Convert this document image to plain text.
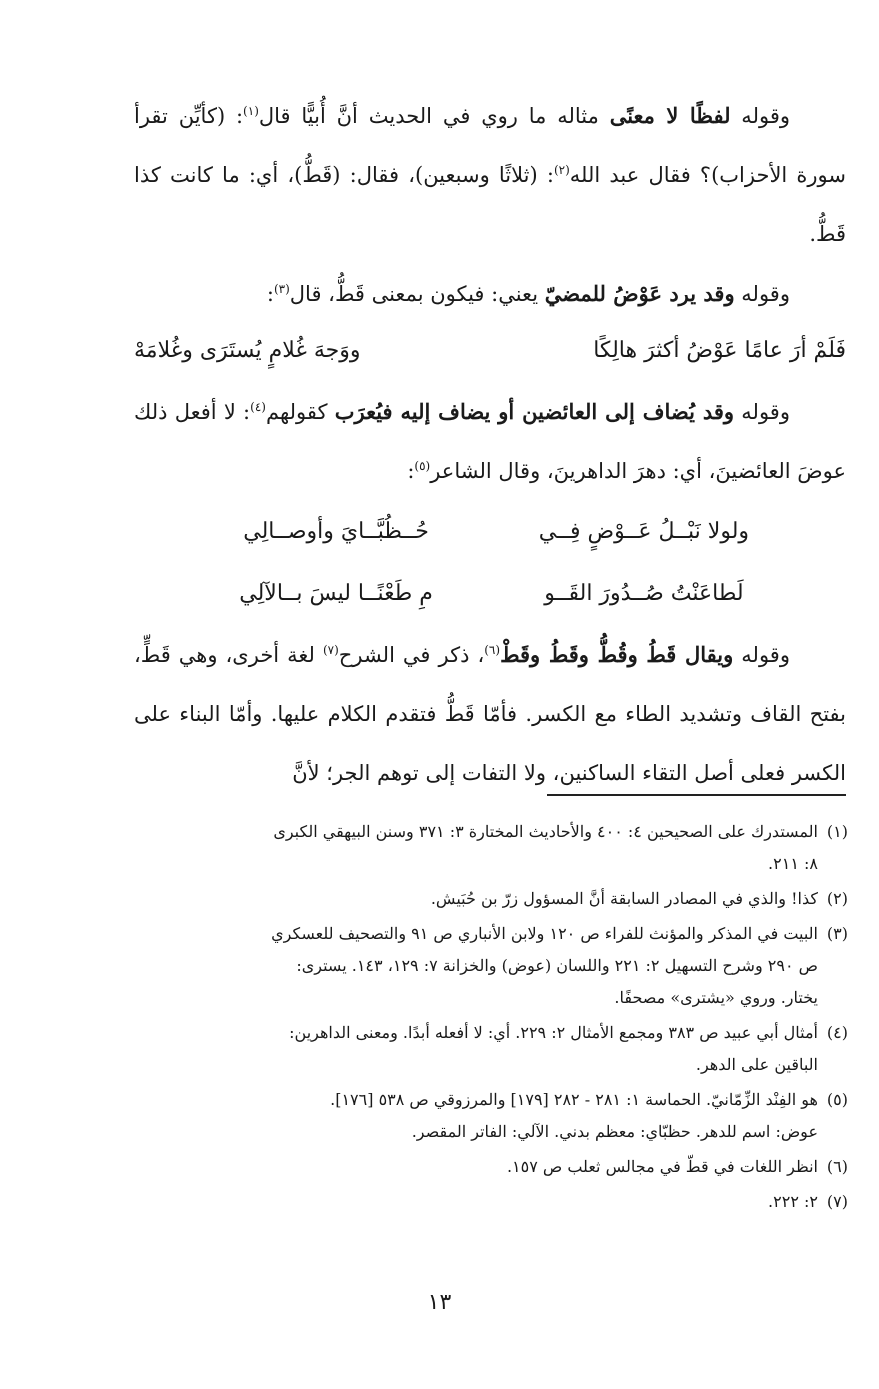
وقوله لفظًا لا معنًى مثاله ما روي في الحديث أنَّ أُبيًّا قال$^{(١)}$: (كأيِّن تقرأ سورة الأحزاب)؟ فقال عبد الله$^{(٢)}$: (ثلاثًا وسبعين)، فقال: (قَطُّ)، أي: ما كانت كذا قَطُّ.

وقوله وقد يرد عَوْضُ للمضيّ يعني: فيكون بمعنى قَطُّ، قال$^{(٣)}$:

فَلَمْ أرَ عامًا عَوْضُ أكثرَ هالِكًا
ووَجهَ غُلامٍ يُستَرَى وغُلامَهْ

وقوله وقد يُضاف إلى العائضين أو يضاف إليه فيُعرَب كقولهم$^{(٤)}$: لا أفعل ذلك عوضَ العائضينَ، أي: دهرَ الداهرينَ، وقال الشاعر$^{(٥)}$:

ولولا نَبْــلُ عَــوْضٍ فِــي
حُــظُبَّــايَ وأوصــالِي
لَطاعَنْتُ صُــدُورَ القَــو
مِ طَعْنًــا ليسَ بــالآلِي

وقوله ويقال قَطُ وقُطُّ وقَطُ وقَطْ$^{(٦)}$، ذكر في الشرح$^{(٧)}$ لغة أخرى، وهي قَطٍّ، بفتح القاف وتشديد الطاء مع الكسر. فأمّا قَطُّ فتقدم الكلام عليها. وأمّا البناء على الكسر فعلى أصل التقاء الساكنين، ولا التفات إلى توهم الجر؛ لأنَّ

(١)
المستدرك على الصحيحين ٤: ٤٠٠ والأحاديث المختارة ٣: ٣٧١ وسنن البيهقي الكبرى
٨: ٢١١.
(٢)
كذا! والذي في المصادر السابقة أنَّ المسؤول زرّ بن حُبَيش.
(٣)
البيت في المذكر والمؤنث للفراء ص ١٢٠ ولابن الأنباري ص ٩١ والتصحيف للعسكري
ص ٢٩٠ وشرح التسهيل ٢: ٢٢١ واللسان (عوض) والخزانة ٧: ١٢٩، ١٤٣. يسترى:
يختار. وروي «يشترى» مصحفًا.
(٤)
أمثال أبي عبيد ص ٣٨٣ ومجمع الأمثال ٢: ٢٢٩. أي: لا أفعله أبدًا. ومعنى الداهرين:
الباقين على الدهر.
(٥)
هو الفِنْد الزِّمّانيّ. الحماسة ١: ٢٨١ - ٢٨٢ [١٧٩] والمرزوقي ص ٥٣٨ [١٧٦].
عوض: اسم للدهر. حظبّاي: معظم بدني. الآلي: الفاتر المقصر.
(٦)
انظر اللغات في قطّ في مجالس ثعلب ص ١٥٧.
(٧)
٢: ٢٢٢.
١٣
